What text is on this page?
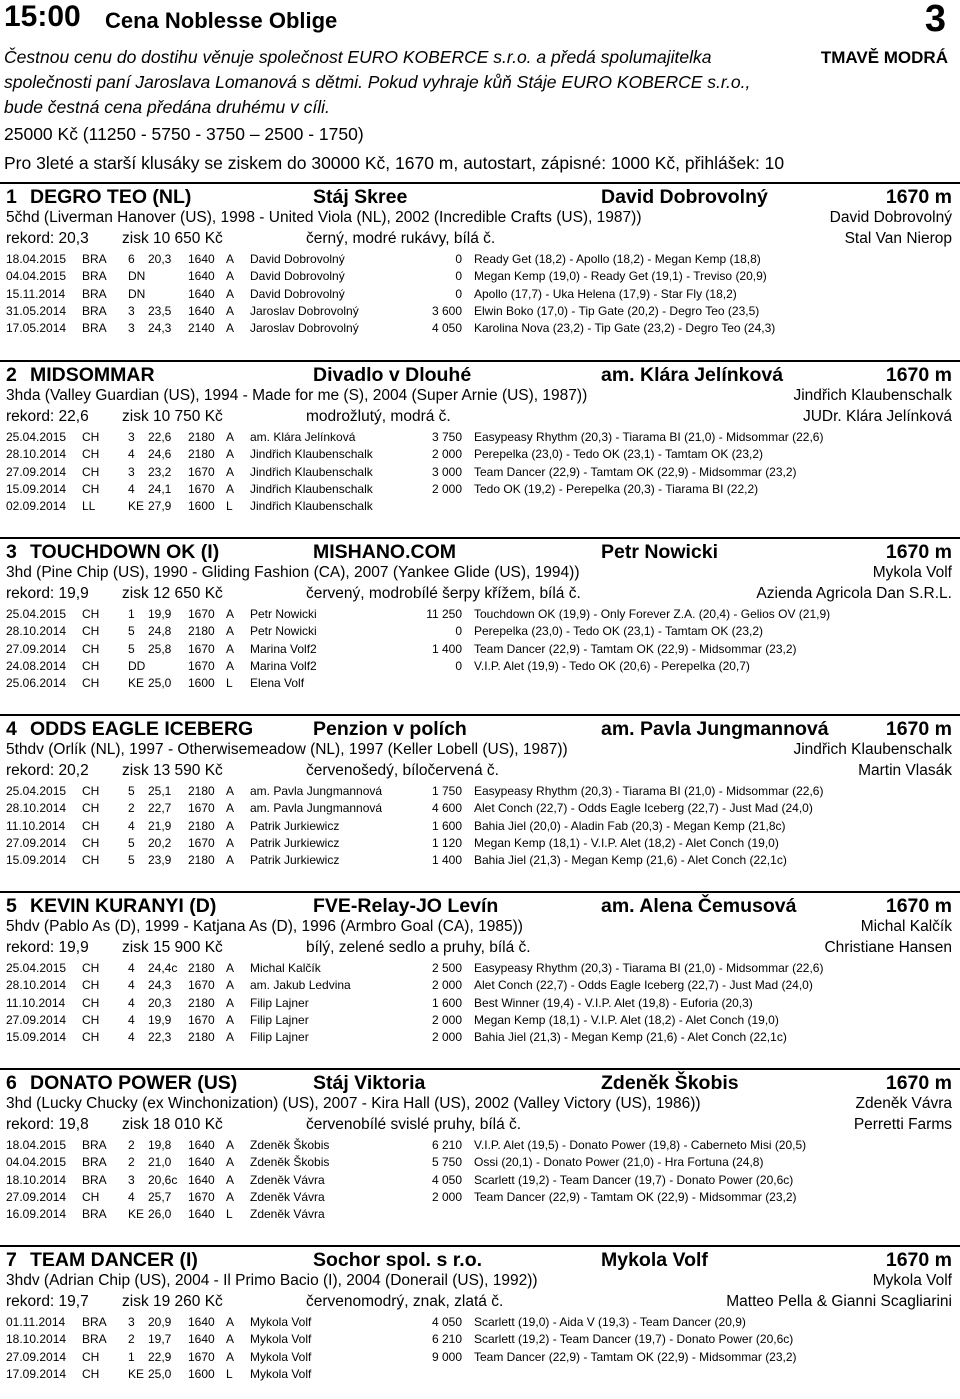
15:00 Cena Noblesse Oblige	3
TMAVĚ MODRÁ

Čestnou cenu do dostihu věnuje společnost EURO KOBERCE s.r.o. a předá spolumajitelka společnosti paní Jaroslava Lomanová s dětmi. Pokud vyhraje kůň Stáje EURO KOBERCE s.r.o., bude čestná cena předána druhému v cíli.

25000 Kč (11250 - 5750 - 3750 – 2500 - 1750)

Pro 3leté a starší klusáky se ziskem do 30000 Kč, 1670 m, autostart, zápisné: 1000 Kč, přihlášek: 10

1 DEGRO TEO (NL)	Stáj Skree	David Dobrovolný	1670 m
5čhd (Liverman Hanover (US), 1998 - United Viola (NL), 2002 (Incredible Crafts (US), 1987))	David Dobrovolný
rekord: 20,3 zisk 10 650 Kč	černý, modré rukávy, bílá č.	Stal Van Nierop
18.04.2015 BRA 6 20,3 1640 A David Dobrovolný	0 Ready Get (18,2) - Apollo (18,2) - Megan Kemp (18,8)
04.04.2015 BRA DN	1640 A David Dobrovolný	0 Megan Kemp (19,0) - Ready Get (19,1) - Treviso (20,9)
15.11.2014 BRA DN	1640 A David Dobrovolný	0 Apollo (17,7) - Uka Helena (17,9) - Star Fly (18,2)
31.05.2014 BRA 3 23,5 1640 A Jaroslav Dobrovolný	3 600 Elwin Boko (17,0) - Tip Gate (20,2) - Degro Teo (23,5)
17.05.2014 BRA 3 24,3 2140 A Jaroslav Dobrovolný	4 050 Karolina Nova (23,2) - Tip Gate (23,2) - Degro Teo (24,3)
2 MIDSOMMAR	Divadlo v Dlouhé	am. Klára Jelínková	1670 m
3hda (Valley Guardian (US), 1994 - Made for me (S), 2004 (Super Arnie (US), 1987))	Jindřich Klaubenschalk
rekord: 22,6 zisk 10 750 Kč	modrožlutý, modrá č.	JUDr. Klára Jelínková
25.04.2015 CH 3 22,6 2180 A am. Klára Jelínková	3 750 Easypeasy Rhythm (20,3) - Tiarama BI (21,0) - Midsommar (22,6)
28.10.2014 CH 4 24,6 2180 A Jindřich Klaubenschalk	2 000 Perepelka (23,0) - Tedo OK (23,1) - Tamtam OK (23,2)
27.09.2014 CH 3 23,2 1670 A Jindřich Klaubenschalk	3 000 Team Dancer (22,9) - Tamtam OK (22,9) - Midsommar (23,2)
15.09.2014 CH 4 24,1 1670 A Jindřich Klaubenschalk	2 000 Tedo OK (19,2) - Perepelka (20,3) - Tiarama BI (22,2)
02.09.2014 LL	KE 27,9 1600 L Jindřich Klaubenschalk
3 TOUCHDOWN OK (I)	MISHANO.COM	Petr Nowicki	1670 m
3hd (Pine Chip (US), 1990 - Gliding Fashion (CA), 2007 (Yankee Glide (US), 1994))	Mykola Volf
rekord: 19,9 zisk 12 650 Kč	červený, modrobílé šerpy křížem, bílá č.	Azienda Agricola Dan S.R.L.
25.04.2015 CH 1 19,9 1670 A Petr Nowicki	11 250 Touchdown OK (19,9) - Only Forever Z.A. (20,4) - Gelios OV (21,9)
28.10.2014 CH 5 24,8 2180 A Petr Nowicki	0 Perepelka (23,0) - Tedo OK (23,1) - Tamtam OK (23,2)
27.09.2014 CH 5 25,8 1670 A Marina Volf2	1 400 Team Dancer (22,9) - Tamtam OK (22,9) - Midsommar (23,2)
24.08.2014 CH DD	1670 A Marina Volf2	0 V.I.P. Alet (19,9) - Tedo OK (20,6) - Perepelka (20,7)
25.06.2014 CH KE 25,0 1600 L Elena Volf
4 ODDS EAGLE ICEBERG	Penzion v polích	am. Pavla Jungmannová	1670 m
5thdv (Orlík (NL), 1997 - Otherwisemeadow (NL), 1997 (Keller Lobell (US), 1987))	Jindřich Klaubenschalk
rekord: 20,2 zisk 13 590 Kč	červenošedý, bíločervená č.	Martin Vlasák
25.04.2015 CH 5 25,1 2180 A am. Pavla Jungmannová	1 750 Easypeasy Rhythm (20,3) - Tiarama BI (21,0) - Midsommar (22,6)
28.10.2014 CH 2 22,7 1670 A am. Pavla Jungmannová	4 600 Alet Conch (22,7) - Odds Eagle Iceberg (22,7) - Just Mad (24,0)
11.10.2014 CH 4 21,9 2180 A Patrik Jurkiewicz	1 600 Bahia Jiel (20,0) - Aladin Fab (20,3) - Megan Kemp (21,8c)
27.09.2014 CH 5 20,2 1670 A Patrik Jurkiewicz	1 120 Megan Kemp (18,1) - V.I.P. Alet (18,2) - Alet Conch (19,0)
15.09.2014 CH 5 23,9 2180 A Patrik Jurkiewicz	1 400 Bahia Jiel (21,3) - Megan Kemp (21,6) - Alet Conch (22,1c)
5 KEVIN KURANYI (D)	FVE-Relay-JO Levín	am. Alena Čemusová	1670 m
5hdv (Pablo As (D), 1999 - Katjana As (D), 1996 (Armbro Goal (CA), 1985))	Michal Kalčík
rekord: 19,9 zisk 15 900 Kč	bílý, zelené sedlo a pruhy, bílá č.	Christiane Hansen
25.04.2015 CH 4 24,4c 2180 A Michal Kalčík	2 500 Easypeasy Rhythm (20,3) - Tiarama BI (21,0) - Midsommar (22,6)
28.10.2014 CH 4 24,3 1670 A am. Jakub Ledvina	2 000 Alet Conch (22,7) - Odds Eagle Iceberg (22,7) - Just Mad (24,0)
11.10.2014 CH 4 20,3 2180 A Filip Lajner	1 600 Best Winner (19,4) - V.I.P. Alet (19,8) - Euforia (20,3)
27.09.2014 CH 4 19,9 1670 A Filip Lajner	2 000 Megan Kemp (18,1) - V.I.P. Alet (18,2) - Alet Conch (19,0)
15.09.2014 CH 4 22,3 2180 A Filip Lajner	2 000 Bahia Jiel (21,3) - Megan Kemp (21,6) - Alet Conch (22,1c)
6 DONATO POWER (US)	Stáj Viktoria	Zdeněk Škobis	1670 m
3hd (Lucky Chucky (ex Winchonization) (US), 2007 - Kira Hall (US), 2002 (Valley Victory (US), 1986))	Zdeněk Vávra
rekord: 19,8 zisk 18 010 Kč	červenobílé svislé pruhy, bílá č.	Perretti Farms
18.04.2015 BRA 2 19,8 1640 A Zdeněk Škobis	6 210 V.I.P. Alet (19,5) - Donato Power (19,8) - Caberneto Misi (20,5)
04.04.2015 BRA 2 21,0 1640 A Zdeněk Škobis	5 750 Ossi (20,1) - Donato Power (21,0) - Hra Fortuna (24,8)
18.10.2014 BRA 3 20,6c 1640 A Zdeněk Vávra	4 050 Scarlett (19,2) - Team Dancer (19,7) - Donato Power (20,6c)
27.09.2014 CH 4 25,7 1670 A Zdeněk Vávra	2 000 Team Dancer (22,9) - Tamtam OK (22,9) - Midsommar (23,2)
16.09.2014 BRA KE 26,0 1640 L Zdeněk Vávra
7 TEAM DANCER (I)	Sochor spol. s r.o.	Mykola Volf	1670 m
3hdv (Adrian Chip (US), 2004 - Il Primo Bacio (I), 2004 (Donerail (US), 1992))	Mykola Volf
rekord: 19,7 zisk 19 260 Kč	červenomodrý, znak, zlatá č.	Matteo Pella & Gianni Scagliarini
01.11.2014 BRA 3 20,9 1640 A Mykola Volf	4 050 Scarlett (19,0) - Aida V (19,3) - Team Dancer (20,9)
18.10.2014 BRA 2 19,7 1640 A Mykola Volf	6 210 Scarlett (19,2) - Team Dancer (19,7) - Donato Power (20,6c)
27.09.2014 CH 1 22,9 1670 A Mykola Volf	9 000 Team Dancer (22,9) - Tamtam OK (22,9) - Midsommar (23,2)
17.09.2014 CH KE 25,0 1600 L Mykola Volf
